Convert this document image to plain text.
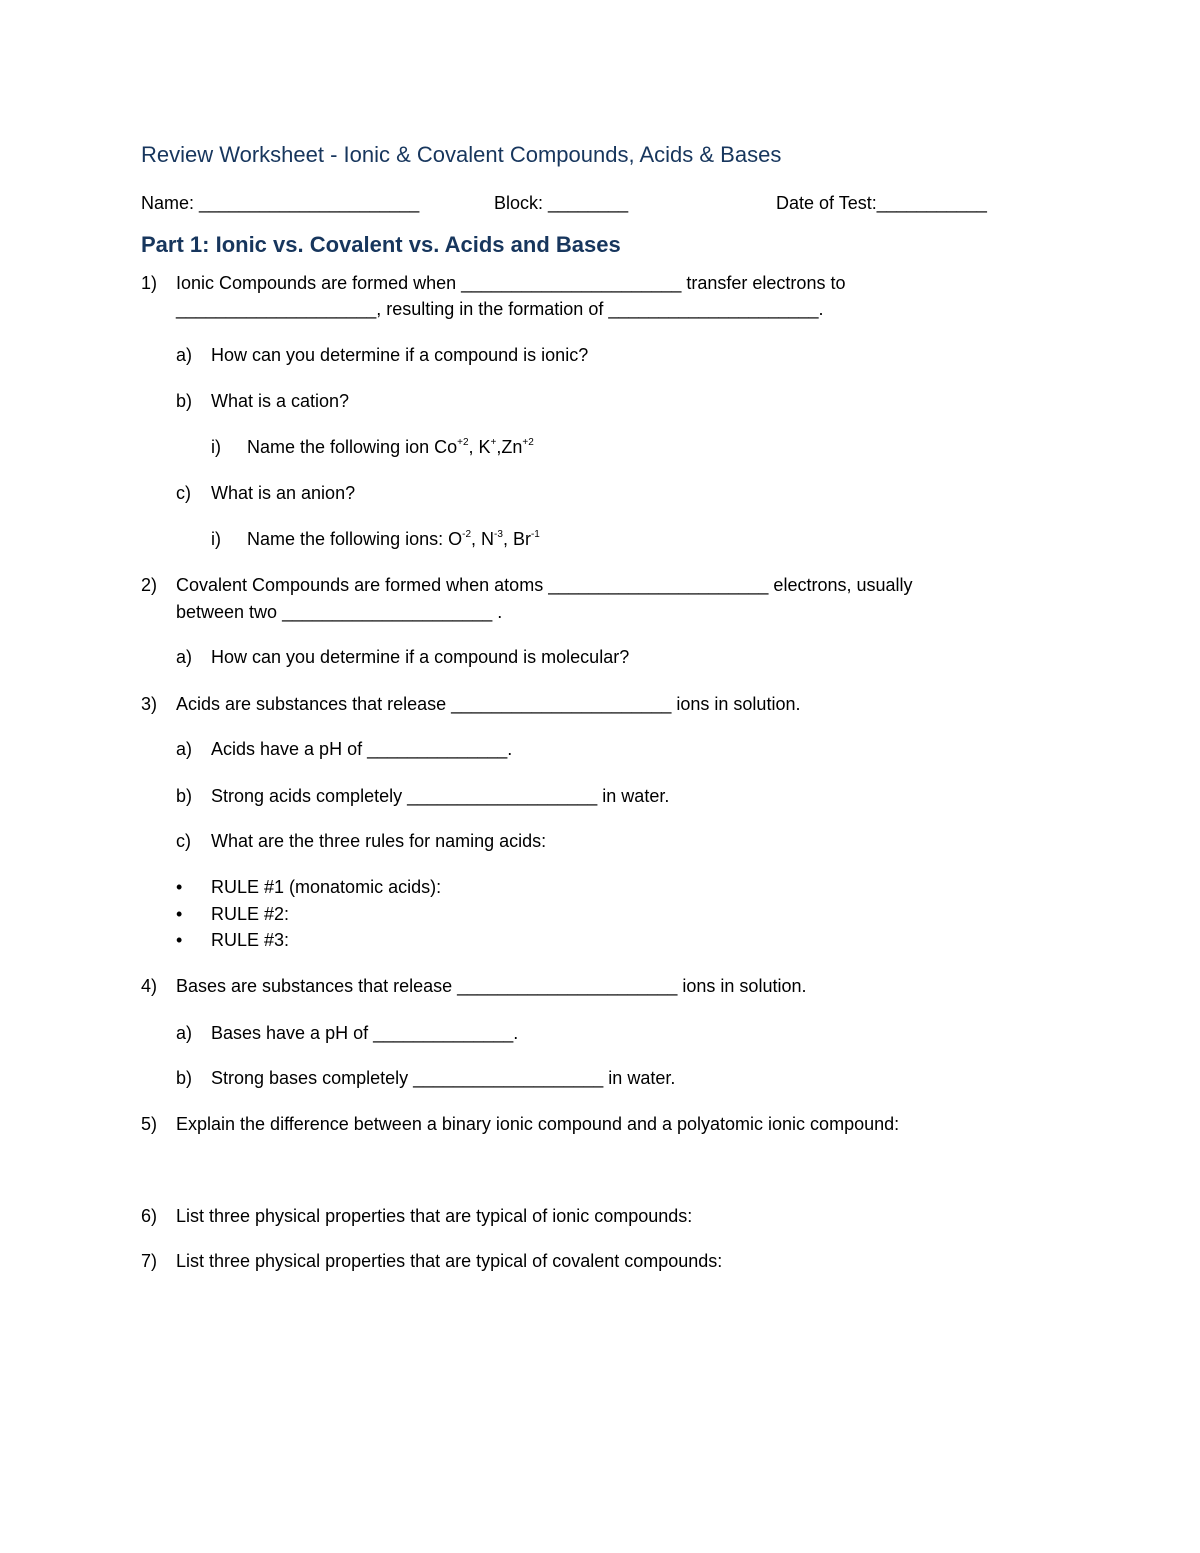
Review Worksheet - Ionic & Covalent Compounds, Acids & Bases
Name: ______________________	Block: ________	Date of Test:___________
Part 1: Ionic vs. Covalent vs. Acids and Bases
1) Ionic Compounds are formed when ______________________ transfer electrons to
____________________, resulting in the formation of _____________________.
a) How can you determine if a compound is ionic?
b) What is a cation?
i) Name the following ion $Co^{+2}$, $K^+,Zn^{+2}$
c) What is an anion?
i) Name the following ions: $O^{-2}$, $N^{-3}$, $Br^{-1}$
2) Covalent Compounds are formed when atoms ______________________ electrons, usually
between two _____________________ .
a) How can you determine if a compound is molecular?
3) Acids are substances that release ______________________ ions in solution.
a) Acids have a pH of ______________.
b) Strong acids completely ___________________ in water.
c) What are the three rules for naming acids:
• RULE #1 (monatomic acids):
• RULE #2:
• RULE #3:
4) Bases are substances that release ______________________ ions in solution.
a) Bases have a pH of ______________.
b) Strong bases completely ___________________ in water.
5) Explain the difference between a binary ionic compound and a polyatomic ionic compound:
6) List three physical properties that are typical of ionic compounds:
7) List three physical properties that are typical of covalent compounds:
